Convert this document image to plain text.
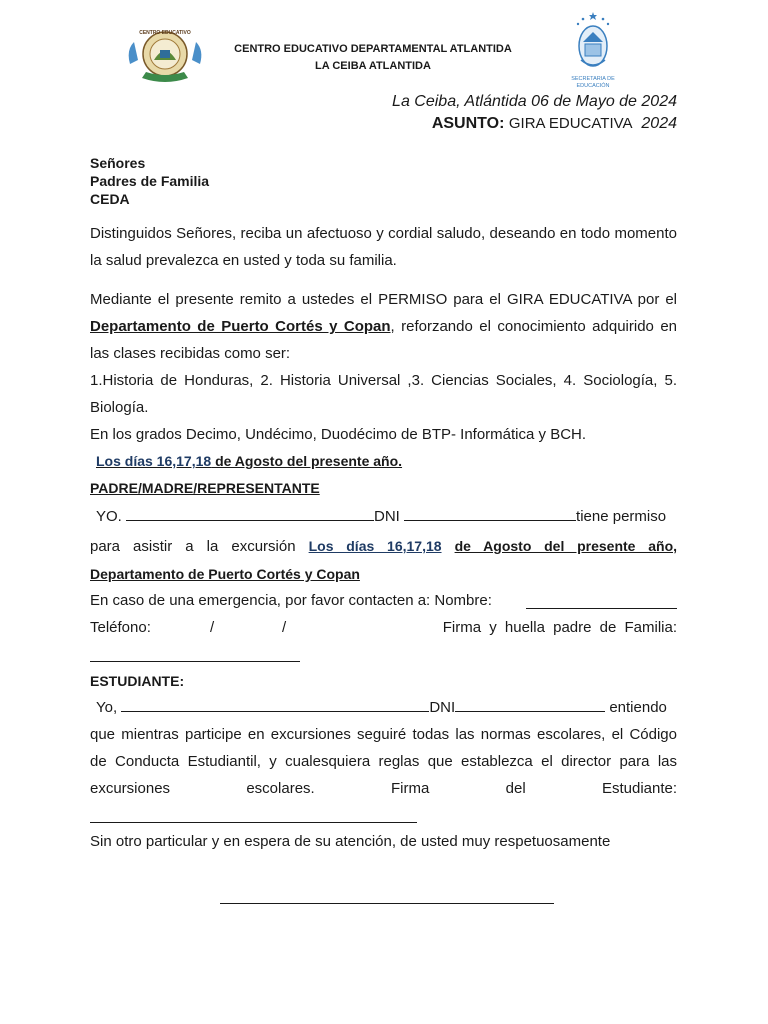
CENTRO EDUCATIVO
SECRETARIA DE
EDUCACIÓN
CENTRO EDUCATIVO DEPARTAMENTAL ATLANTIDA
LA CEIBA ATLANTIDA
La Ceiba, Atlántida 06 de Mayo de 2024
ASUNTO: GIRA EDUCATIVA 2024
Señores
Padres de Familia
CEDA
Distinguidos Señores, reciba un afectuoso y cordial saludo, deseando en todo momento
la salud prevalezca en usted y toda su familia.
Mediante el presente remito a ustedes el PERMISO para el GIRA EDUCATIVA por el
Departamento de Puerto Cortés y Copan, reforzando el conocimiento adquirido en
las clases recibidas como ser:
1.Historia de Honduras, 2. Historia Universal ,3. Ciencias Sociales, 4. Sociología, 5.
Biología.
En los grados Decimo, Undécimo, Duodécimo de BTP- Informática y BCH.
Los días 16,17,18 de Agosto del presente año.
PADRE/MADRE/REPRESENTANTE
YO.	DNI	tiene permiso
para asistir a la excursión Los días 16,17,18 de Agosto del presente año,
Departamento de Puerto Cortés y Copan
En caso de una emergencia, por favor contacten a: Nombre:
Teléfono:	/	/	Firma y huella padre de Familia:
ESTUDIANTE:
Yo,	DNI	entiendo
que mientras participe en excursiones seguiré todas las normas escolares, el Código
de Conducta Estudiantil, y cualesquiera reglas que establezca el director para las
excursiones	escolares.	Firma	del	Estudiante:
Sin otro particular y en espera de su atención, de usted muy respetuosamente
